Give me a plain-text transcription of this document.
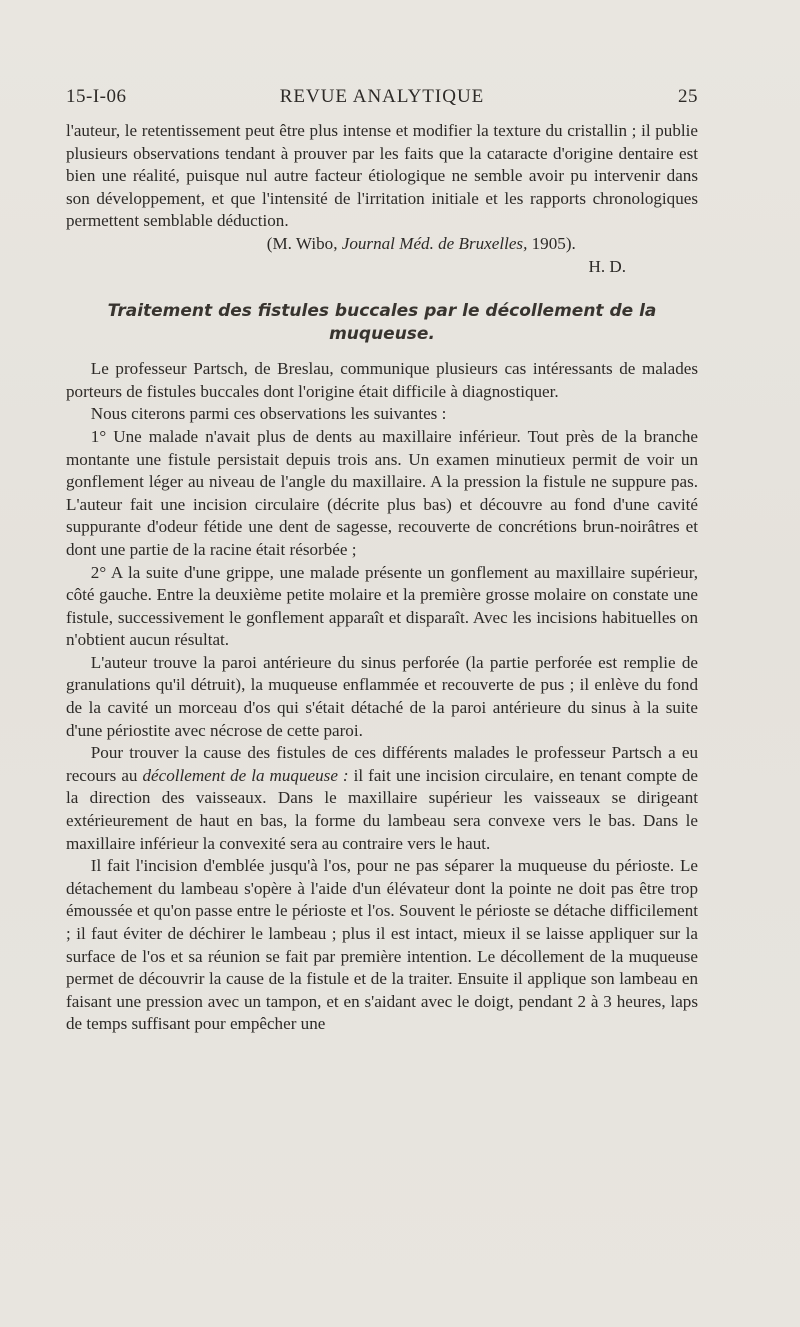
15-I-06	REVUE ANALYTIQUE	25

l'auteur, le retentissement peut être plus intense et modifier la texture du cristallin ; il publie plusieurs observations tendant à prouver par les faits que la cataracte d'origine dentaire est bien une réalité, puisque nul autre facteur étiologique ne semble avoir pu intervenir dans son développement, et que l'intensité de l'irritation initiale et les rapports chronologiques permettent semblable déduction.

(M. Wibo, Journal Méd. de Bruxelles, 1905).

H. D.

Traitement des fistules buccales par le décollement de la muqueuse.

Le professeur Partsch, de Breslau, communique plusieurs cas intéressants de malades porteurs de fistules buccales dont l'origine était difficile à diagnostiquer.

Nous citerons parmi ces observations les suivantes :

1° Une malade n'avait plus de dents au maxillaire inférieur. Tout près de la branche montante une fistule persistait depuis trois ans. Un examen minutieux permit de voir un gonflement léger au niveau de l'angle du maxillaire. A la pression la fistule ne suppure pas. L'auteur fait une incision circulaire (décrite plus bas) et découvre au fond d'une cavité suppurante d'odeur fétide une dent de sagesse, recouverte de concrétions brun-noirâtres et dont une partie de la racine était résorbée ;

2° A la suite d'une grippe, une malade présente un gonflement au maxillaire supérieur, côté gauche. Entre la deuxième petite molaire et la première grosse molaire on constate une fistule, successivement le gonflement apparaît et disparaît. Avec les incisions habituelles on n'obtient aucun résultat.

L'auteur trouve la paroi antérieure du sinus perforée (la partie perforée est remplie de granulations qu'il détruit), la muqueuse enflammée et recouverte de pus ; il enlève du fond de la cavité un morceau d'os qui s'était détaché de la paroi antérieure du sinus à la suite d'une périostite avec nécrose de cette paroi.

Pour trouver la cause des fistules de ces différents malades le professeur Partsch a eu recours au décollement de la muqueuse : il fait une incision circulaire, en tenant compte de la direction des vaisseaux. Dans le maxillaire supérieur les vaisseaux se dirigeant extérieurement de haut en bas, la forme du lambeau sera convexe vers le bas. Dans le maxillaire inférieur la convexité sera au contraire vers le haut.

Il fait l'incision d'emblée jusqu'à l'os, pour ne pas séparer la muqueuse du périoste. Le détachement du lambeau s'opère à l'aide d'un élévateur dont la pointe ne doit pas être trop émoussée et qu'on passe entre le périoste et l'os. Souvent le périoste se détache difficilement ; il faut éviter de déchirer le lambeau ; plus il est intact, mieux il se laisse appliquer sur la surface de l'os et sa réunion se fait par première intention. Le décollement de la muqueuse permet de découvrir la cause de la fistule et de la traiter. Ensuite il applique son lambeau en faisant une pression avec un tampon, et en s'aidant avec le doigt, pendant 2 à 3 heures, laps de temps suffisant pour empêcher une
